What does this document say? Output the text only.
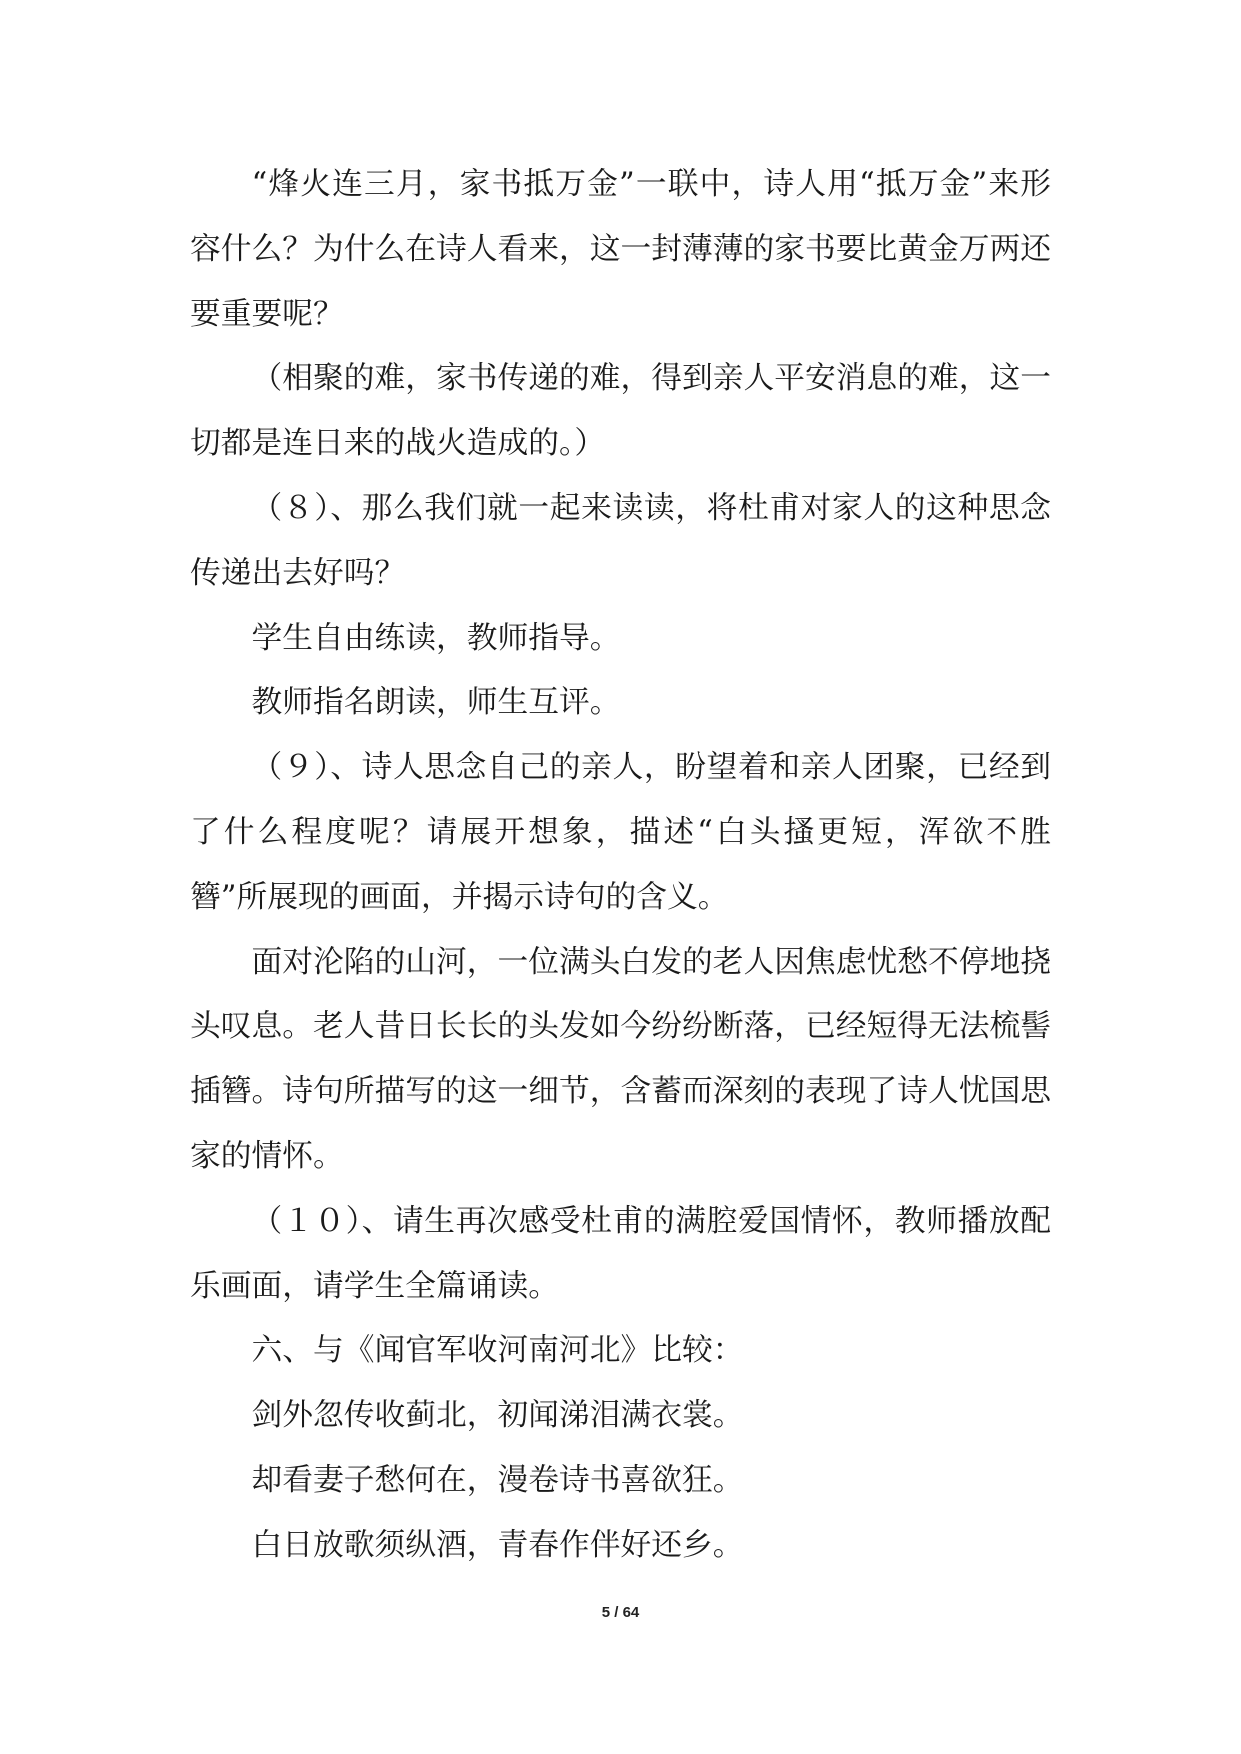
“烽火连三月，家书抵万金”一联中，诗人用“抵万金”来形容什么？为什么在诗人看来，这一封薄薄的家书要比黄金万两还要重要呢？

（相聚的难，家书传递的难，得到亲人平安消息的难，这一切都是连日来的战火造成的。）

（８）、那么我们就一起来读读，将杜甫对家人的这种思念传递出去好吗？

学生自由练读，教师指导。

教师指名朗读，师生互评。

（９）、诗人思念自己的亲人，盼望着和亲人团聚，已经到了什么程度呢？请展开想象，描述“白头搔更短，浑欲不胜簪”所展现的画面，并揭示诗句的含义。

面对沦陷的山河，一位满头白发的老人因焦虑忧愁不停地挠头叹息。老人昔日长长的头发如今纷纷断落，已经短得无法梳髻插簪。诗句所描写的这一细节，含蓄而深刻的表现了诗人忧国思家的情怀。

（１０）、请生再次感受杜甫的满腔爱国情怀，教师播放配乐画面，请学生全篇诵读。

六、与《闻官军收河南河北》比较：

剑外忽传收蓟北，初闻涕泪满衣裳。

却看妻子愁何在，漫卷诗书喜欲狂。

白日放歌须纵酒，青春作伴好还乡。

5 / 64
